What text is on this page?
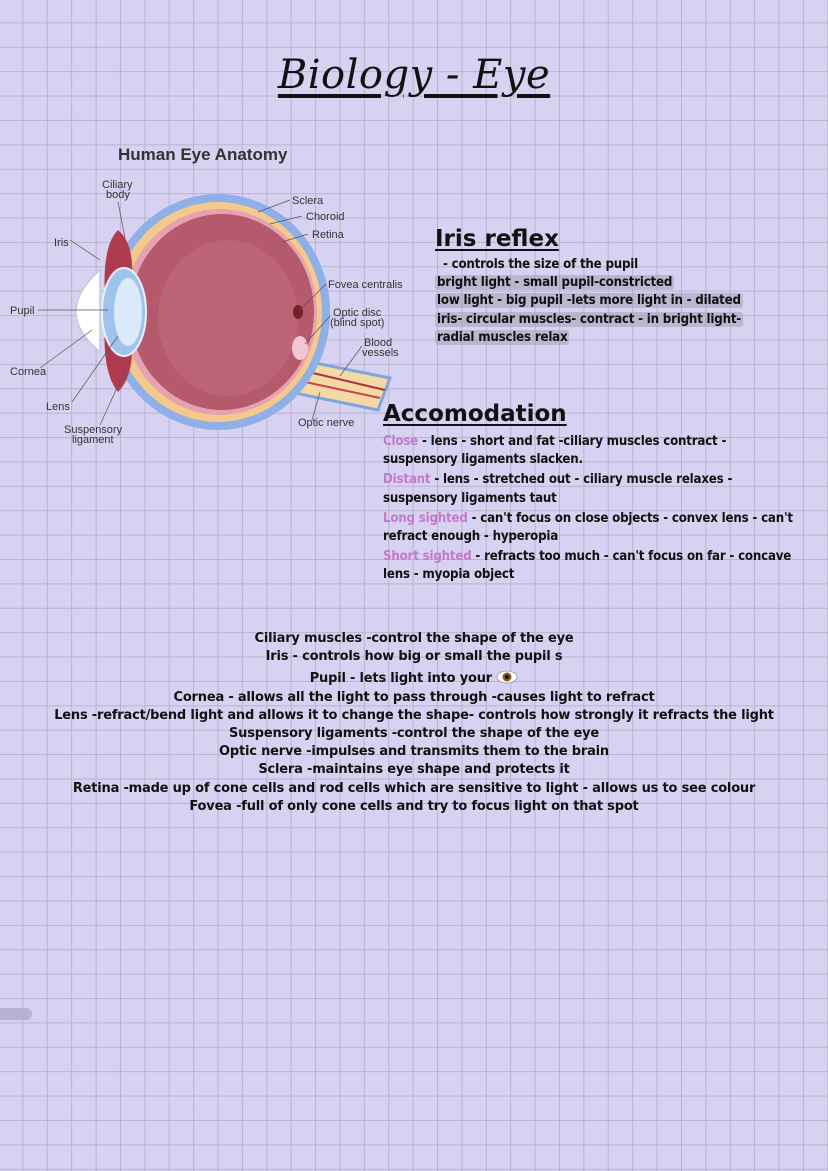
Biology - Eye
Human Eye Anatomy
Ciliary
body
Iris
Pupil
Cornea
Lens
Suspensory
ligament
Sclera
Choroid
Retina
Fovea centralis
Optic disc
(blind spot)
Blood
vessels
Optic nerve
Iris reflex
- controls the size of the pupil
bright light - small pupil-constricted
low light - big pupil -lets more light in - dilated
iris- circular muscles- contract - in bright light-
radial muscles relax
Accomodation
Close - lens - short and fat -ciliary muscles contract -
suspensory ligaments slacken.
Distant - lens - stretched out - ciliary muscle relaxes -
suspensory ligaments taut
Long sighted - can't focus on close objects - convex lens - can't
refract enough - hyperopia
Short sighted - refracts too much - can't focus on far - concave
lens - myopia object
Ciliary muscles -control the shape of the eye
Iris - controls how big or small the pupil s
Pupil - lets light into your
Cornea - allows all the light to pass through -causes light to refract
Lens -refract/bend light and allows it to change the shape- controls how strongly it refracts the light
Suspensory ligaments -control the shape of the eye
Optic nerve -impulses and transmits them to the brain
Sclera -maintains eye shape and protects it
Retina -made up of cone cells and rod cells which are sensitive to light - allows us to see colour
Fovea -full of only cone cells and try to focus light on that spot
